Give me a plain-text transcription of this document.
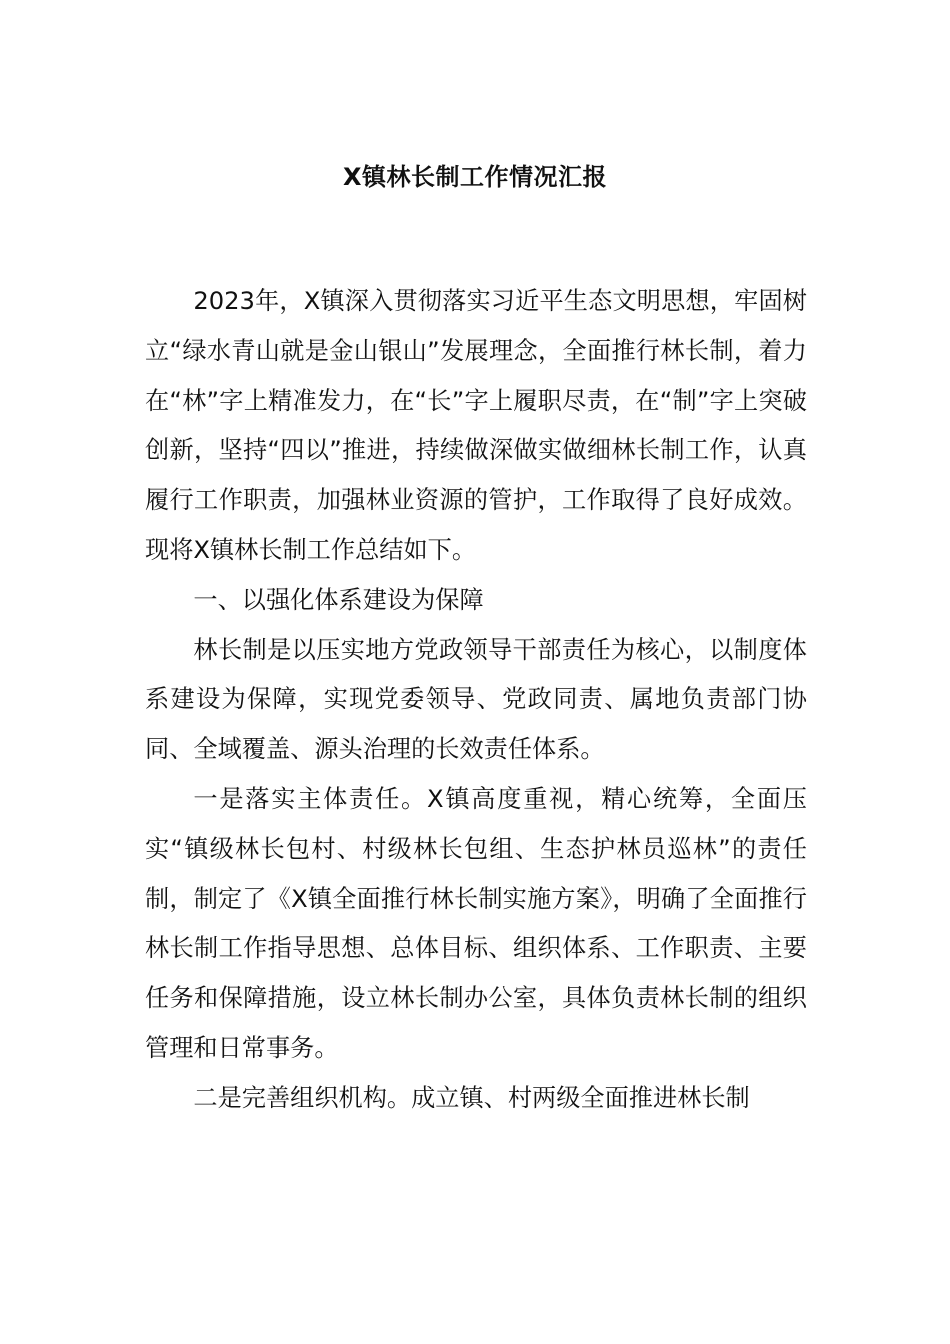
X镇林长制工作情况汇报

2023年，X镇深入贯彻落实习近平生态文明思想，牢固树立“绿水青山就是金山银山”发展理念，全面推行林长制，着力在“林”字上精准发力，在“长”字上履职尽责，在“制”字上突破创新，坚持“四以”推进，持续做深做实做细林长制工作，认真履行工作职责，加强林业资源的管护，工作取得了良好成效。现将X镇林长制工作总结如下。

一、以强化体系建设为保障

林长制是以压实地方党政领导干部责任为核心，以制度体系建设为保障，实现党委领导、党政同责、属地负责部门协同、全域覆盖、源头治理的长效责任体系。

一是落实主体责任。X镇高度重视，精心统筹，全面压实“镇级林长包村、村级林长包组、生态护林员巡林”的责任制，制定了《X镇全面推行林长制实施方案》，明确了全面推行林长制工作指导思想、总体目标、组织体系、工作职责、主要任务和保障措施，设立林长制办公室，具体负责林长制的组织管理和日常事务。

二是完善组织机构。成立镇、村两级全面推进林长制
